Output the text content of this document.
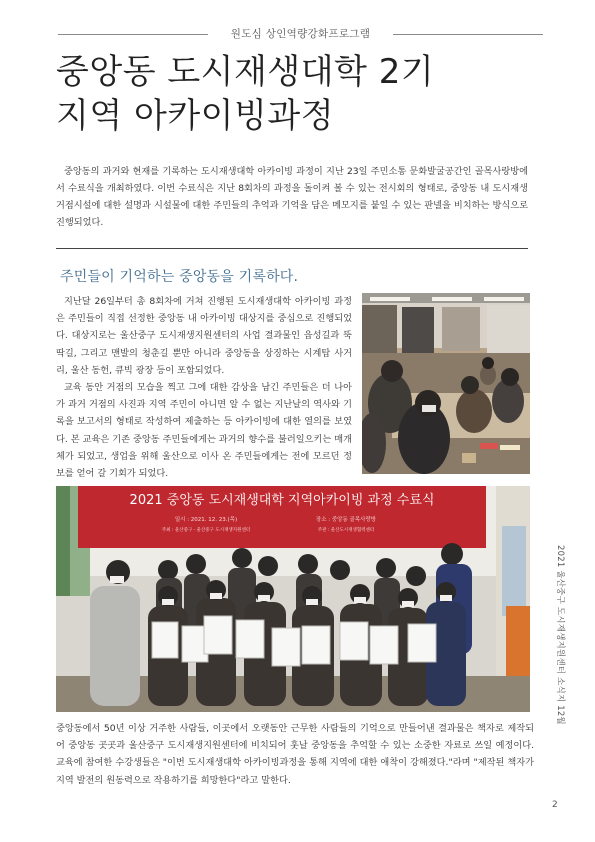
원도심 상인역량강화프로그램
중앙동 도시재생대학 2기
지역 아카이빙과정
중앙동의 과거와 현재를 기록하는 도시재생대학 아카이빙 과정이 지난 23일 주민소통 문화발굴공간인 골목사랑방에서 수료식을 개최하였다. 이번 수료식은 지난 8회차의 과정을 돌이켜 볼 수 있는 전시회의 형태로, 중앙동 내 도시재생 거점시설에 대한 설명과 시설물에 대한 주민들의 추억과 기억을 담은 메모지를 붙일 수 있는 판넬을 비치하는 방식으로 진행되었다.
주민들이 기억하는 중앙동을 기록하다.

지난달 26일부터 총 8회차에 거쳐 진행된 도시재생대학 아카이빙 과정은 주민들이 직접 선정한 중앙동 내 아카이빙 대상지를 중심으로 진행되었다. 대상지로는 울산중구 도시재생지원센터의 사업 결과물인 읍성길과 뚝딱길, 그리고 맨발의 청춘길 뿐만 아니라 중앙동을 상징하는 시계탑 사거리, 울산 동헌, 큐빅 광장 등이 포함되었다.

교육 동안 거점의 모습을 찍고 그에 대한 감상을 남긴 주민들은 더 나아가 과거 거점의 사진과 지역 주민이 아니면 알 수 없는 지난날의 역사와 기록을 보고서의 형태로 작성하여 제출하는 등 아카이빙에 대한 열의를 보였다. 본 교육은 기존 중앙동 주민들에게는 과거의 향수를 불러일으키는 매개체가 되었고, 생업을 위해 울산으로 이사 온 주민들에게는 전에 모르던 정보를 얻어 갈 기회가 되었다.

2021 중앙동 도시재생대학 지역아카이빙 과정 수료식
일시 : 2021. 12. 23.(목)	장소 : 중앙동 골목사랑방
주최 : 울산중구 · 울산중구 도시재생지원센터	주관 : 울산도시재생협력센터
중앙동에서 50년 이상 거주한 사람들, 이곳에서 오랫동안 근무한 사람들의 기억으로 만들어낸 결과물은 책자로 제작되어 중앙동 곳곳과 울산중구 도시재생지원센터에 비치되어 훗날 중앙동을 추억할 수 있는 소중한 자료로 쓰일 예정이다. 교육에 참여한 수강생들은 "이번 도시재생대학 아카이빙과정을 통해 지역에 대한 애착이 강해졌다."라며 "제작된 책자가 지역 발전의 원동력으로 작용하기를 희망한다"라고 말한다.
2021 울산중구 도시재생지원센터 소식지 12월
2
